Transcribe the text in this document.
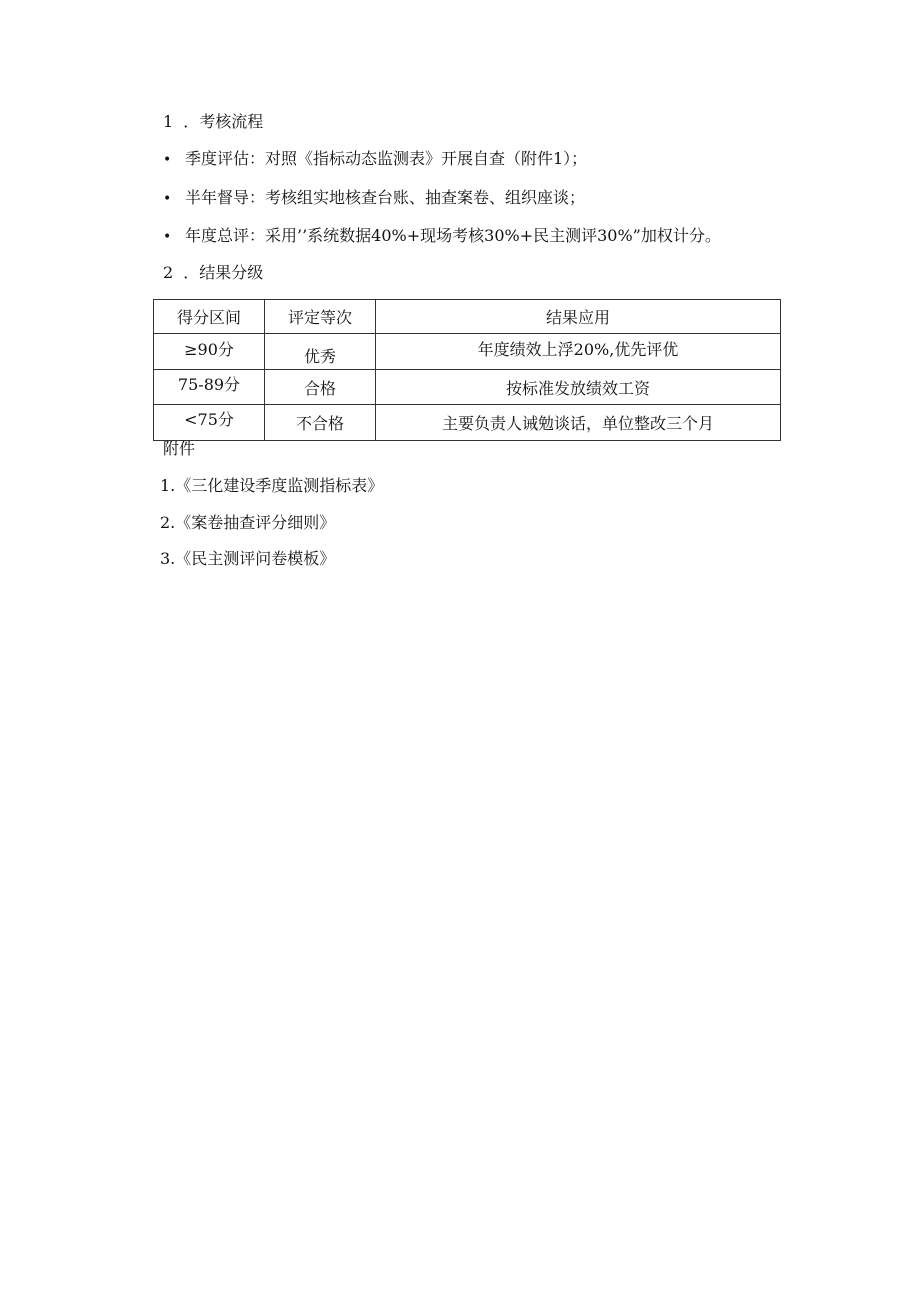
1 ．考核流程
• 季度评估：对照《指标动态监测表》开展自查（附件1）；
• 半年督导：考核组实地核查台账、抽查案卷、组织座谈；
• 年度总评：采用’’系统数据40%+现场考核30%+民主测评30%”加权计分。
2 ．结果分级
得分区间	评定等次	结果应用
≥90分	优秀	年度绩效上浮20%,优先评优
75-89分	合格	按标准发放绩效工资
<75分	不合格	主要负责人诫勉谈话，单位整改三个月
附件
1.《三化建设季度监测指标表》
2.《案卷抽查评分细则》
3.《民主测评问卷模板》
